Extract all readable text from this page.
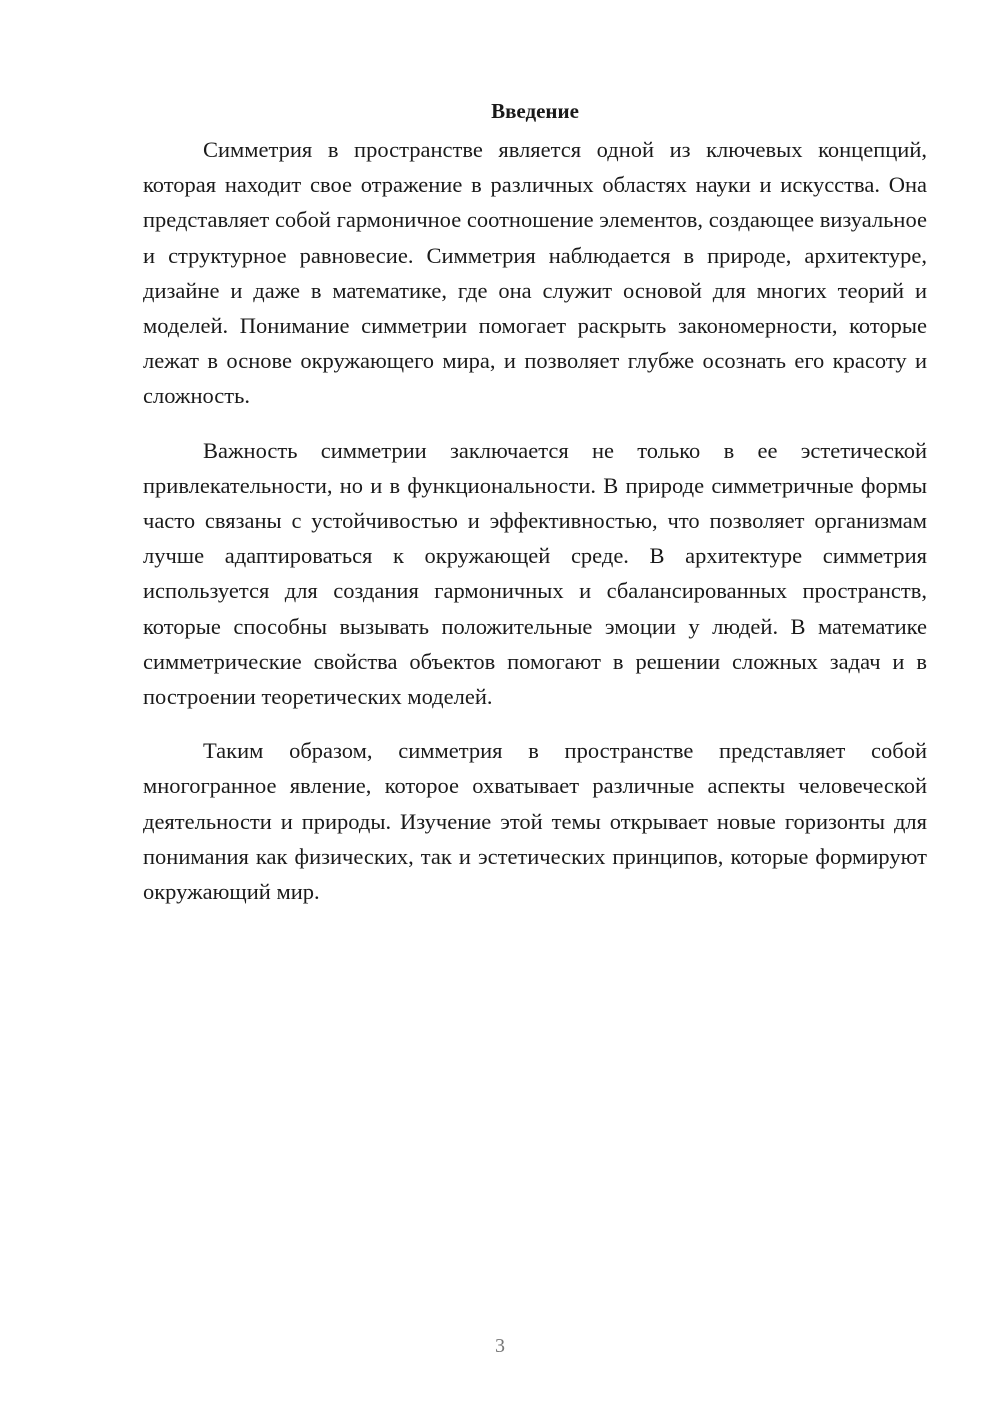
Введение

Симметрия в пространстве является одной из ключевых концепций, которая находит свое отражение в различных областях науки и искусства. Она представляет собой гармоничное соотношение элементов, создающее визуальное и структурное равновесие. Симметрия наблюдается в природе, архитектуре, дизайне и даже в математике, где она служит основой для многих теорий и моделей. Понимание симметрии помогает раскрыть закономерности, которые лежат в основе окружающего мира, и позволяет глубже осознать его красоту и сложность.

Важность симметрии заключается не только в ее эстетической привлекательности, но и в функциональности. В природе симметричные формы часто связаны с устойчивостью и эффективностью, что позволяет организмам лучше адаптироваться к окружающей среде. В архитектуре симметрия используется для создания гармоничных и сбалансированных пространств, которые способны вызывать положительные эмоции у людей. В математике симметрические свойства объектов помогают в решении сложных задач и в построении теоретических моделей.

Таким образом, симметрия в пространстве представляет собой многогранное явление, которое охватывает различные аспекты человеческой деятельности и природы. Изучение этой темы открывает новые горизонты для понимания как физических, так и эстетических принципов, которые формируют окружающий мир.

3
